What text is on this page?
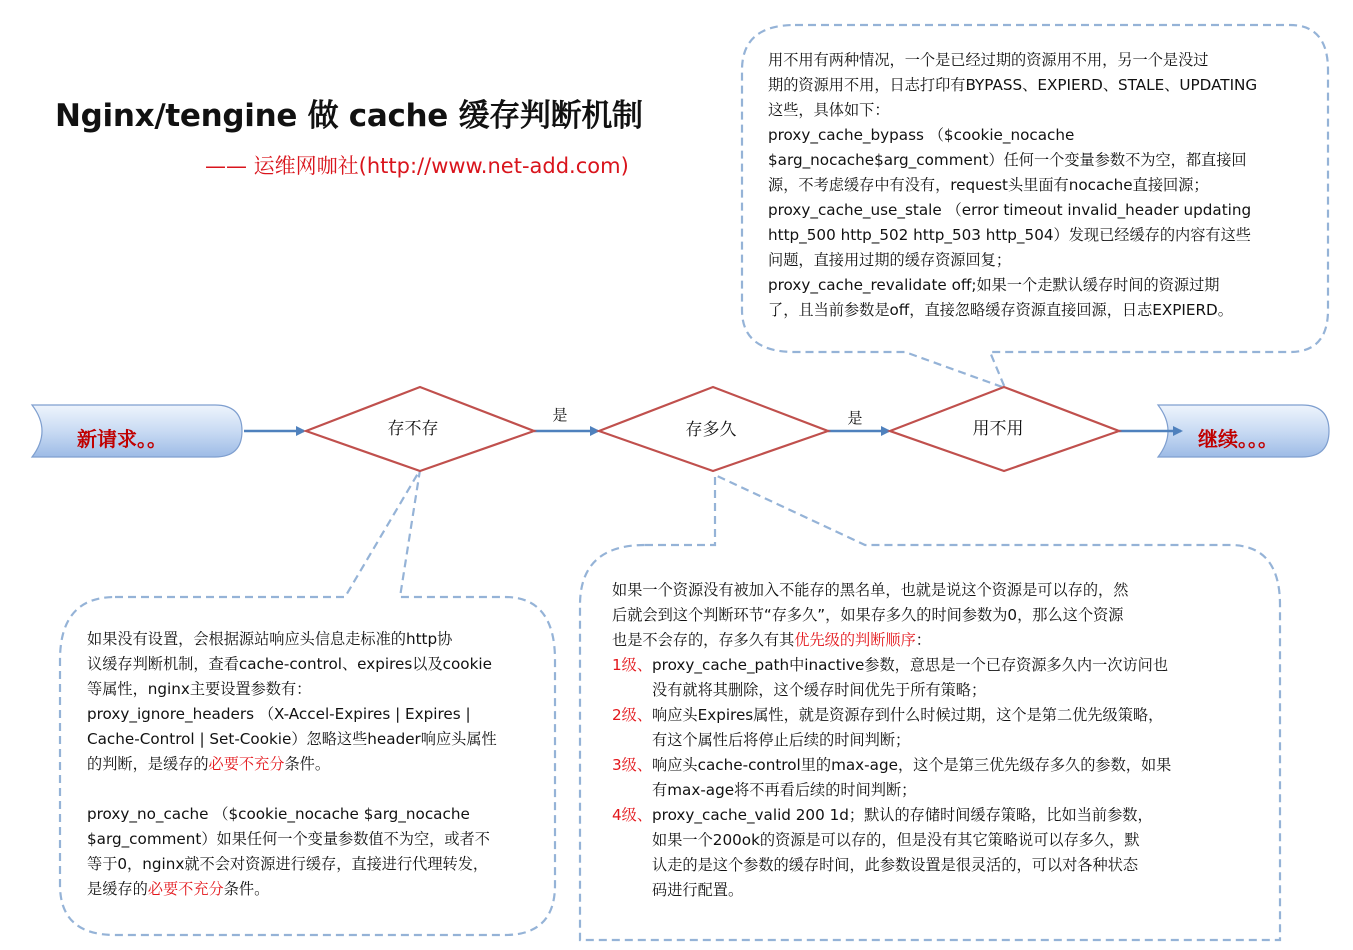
Nginx/tengine 做 cache 缓存判断机制
—— 运维网咖社(http://www.net-add.com)
新请求。。	继续。。。
存不存	存多久	用不用
是	是

用不用有两种情况，一个是已经过期的资源用不用，另一个是没过

期的资源用不用，日志打印有BYPASS、EXPIERD、STALE、UPDATING

这些，具体如下：

proxy_cache_bypass （$cookie_nocache

$arg_nocache$arg_comment）任何一个变量参数不为空，都直接回

源，不考虑缓存中有没有，request头里面有nocache直接回源；

proxy_cache_use_stale （error timeout invalid_header updating

http_500 http_502 http_503 http_504）发现已经缓存的内容有这些

问题，直接用过期的缓存资源回复；

proxy_cache_revalidate off;如果一个走默认缓存时间的资源过期

了，且当前参数是off，直接忽略缓存资源直接回源，日志EXPIERD。

如果没有设置，会根据源站响应头信息走标准的http协

议缓存判断机制，查看cache-control、expires以及cookie

等属性，nginx主要设置参数有：

proxy_ignore_headers （X-Accel-Expires | Expires |

Cache-Control | Set-Cookie）忽略这些header响应头属性

的判断，是缓存的必要不充分条件。

proxy_no_cache （$cookie_nocache $arg_nocache

$arg_comment）如果任何一个变量参数值不为空，或者不

等于0，nginx就不会对资源进行缓存，直接进行代理转发，

是缓存的必要不充分条件。

如果一个资源没有被加入不能存的黑名单，也就是说这个资源是可以存的，然

后就会到这个判断环节“存多久”，如果存多久的时间参数为0，那么这个资源

也是不会存的，存多久有其优先级的判断顺序：

1级、 proxy_cache_path中inactive参数，意思是一个已存资源多久内一次访问也

没有就将其删除，这个缓存时间优先于所有策略；

2级、 响应头Expires属性，就是资源存到什么时候过期，这个是第二优先级策略，

有这个属性后将停止后续的时间判断；

3级、 响应头cache-control里的max-age，这个是第三优先级存多久的参数，如果

有max-age将不再看后续的时间判断；

4级、 proxy_cache_valid 200 1d；默认的存储时间缓存策略，比如当前参数，

如果一个200ok的资源是可以存的，但是没有其它策略说可以存多久，默

认走的是这个参数的缓存时间，此参数设置是很灵活的，可以对各种状态

码进行配置。
